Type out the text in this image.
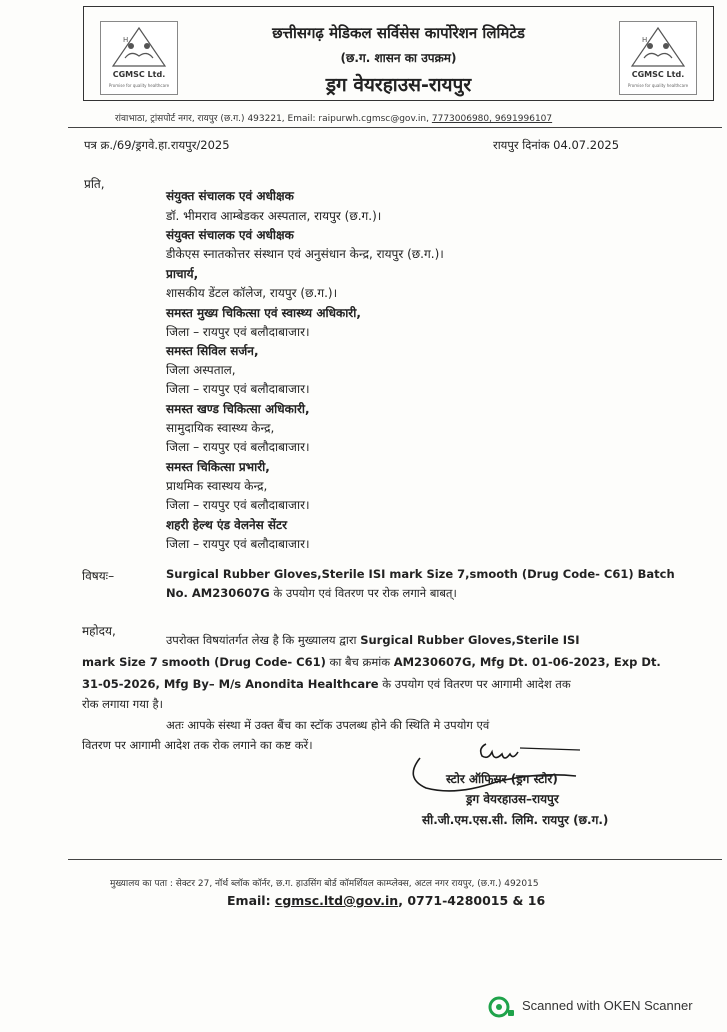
H
CGMSC Ltd.
Promise for quality healthcare
छत्तीसगढ़ मेडिकल सर्विसेस कार्पोरेशन लिमिटेड
(छ.ग. शासन का उपक्रम)
ड्रग वेयरहाउस-रायपुर
H
CGMSC Ltd.
Promise for quality healthcare
रांवाभाठा, ट्रांसपोर्ट नगर, रायपुर (छ.ग.) 493221, Email: raipurwh.cgmsc@gov.in, 7773006980, 9691996107
पत्र क्र./69/ड्रगवे.हा.रायपुर/2025	रायपुर दिनांक 04.07.2025
प्रति,
संयुक्त संचालक एवं अधीक्षक
डॉ. भीमराव आम्बेडकर अस्पताल, रायपुर (छ.ग.)।
संयुक्त संचालक एवं अधीक्षक
डीकेएस स्नातकोत्तर संस्थान एवं अनुसंधान केन्द्र, रायपुर (छ.ग.)।
प्राचार्य,
शासकीय डेंटल कॉलेज, रायपुर (छ.ग.)।
समस्त मुख्य चिकित्सा एवं स्वास्थ्य अधिकारी,
जिला – रायपुर एवं बलौदाबाजार।
समस्त सिविल सर्जन,
जिला अस्पताल,
जिला – रायपुर एवं बलौदाबाजार।
समस्त खण्ड चिकित्सा अधिकारी,
सामुदायिक स्वास्थ्य केन्द्र,
जिला – रायपुर एवं बलौदाबाजार।
समस्त चिकित्सा प्रभारी,
प्राथमिक स्वास्थय केन्द्र,
जिला – रायपुर एवं बलौदाबाजार।
शहरी हेल्थ एंड वेलनेस सेंटर
जिला – रायपुर एवं बलौदाबाजार।
विषयः–	Surgical Rubber Gloves,Sterile ISI mark Size 7,smooth (Drug Code- C61) Batch
No. AM230607G के उपयोग एवं वितरण पर रोक लगाने बाबत्।
महोदय,
उपरोक्त विषयांतर्गत लेख है कि मुख्यालय द्वारा Surgical Rubber Gloves,Sterile ISI
mark Size 7 smooth (Drug Code- C61) का बैच क्रमांक AM230607G, Mfg Dt. 01-06-2023, Exp Dt.
31-05-2026, Mfg By– M/s Anondita Healthcare के उपयोग एवं वितरण पर आगामी आदेश तक
रोक लगाया गया है।
अतः आपके संस्था में उक्त बैंच का स्टॉक उपलब्ध होने की स्थिति मे उपयोग एवं
वितरण पर आगामी आदेश तक रोक लगाने का कष्ट करें।
स्टोर ऑफिसर (ड्रग स्टोर)
ड्रग वेयरहाउस–रायपुर
सी.जी.एम.एस.सी. लिमि. रायपुर (छ.ग.)
मुख्यालय का पता : सेक्टर 27, नॉर्थ ब्लॉक कॉर्नर, छ.ग. हाउसिंग बोर्ड कॉमर्शियल काम्प्लेक्स, अटल नगर रायपुर, (छ.ग.) 492015
Email: cgmsc.ltd@gov.in, 0771-4280015 & 16
Scanned with OKEN Scanner
